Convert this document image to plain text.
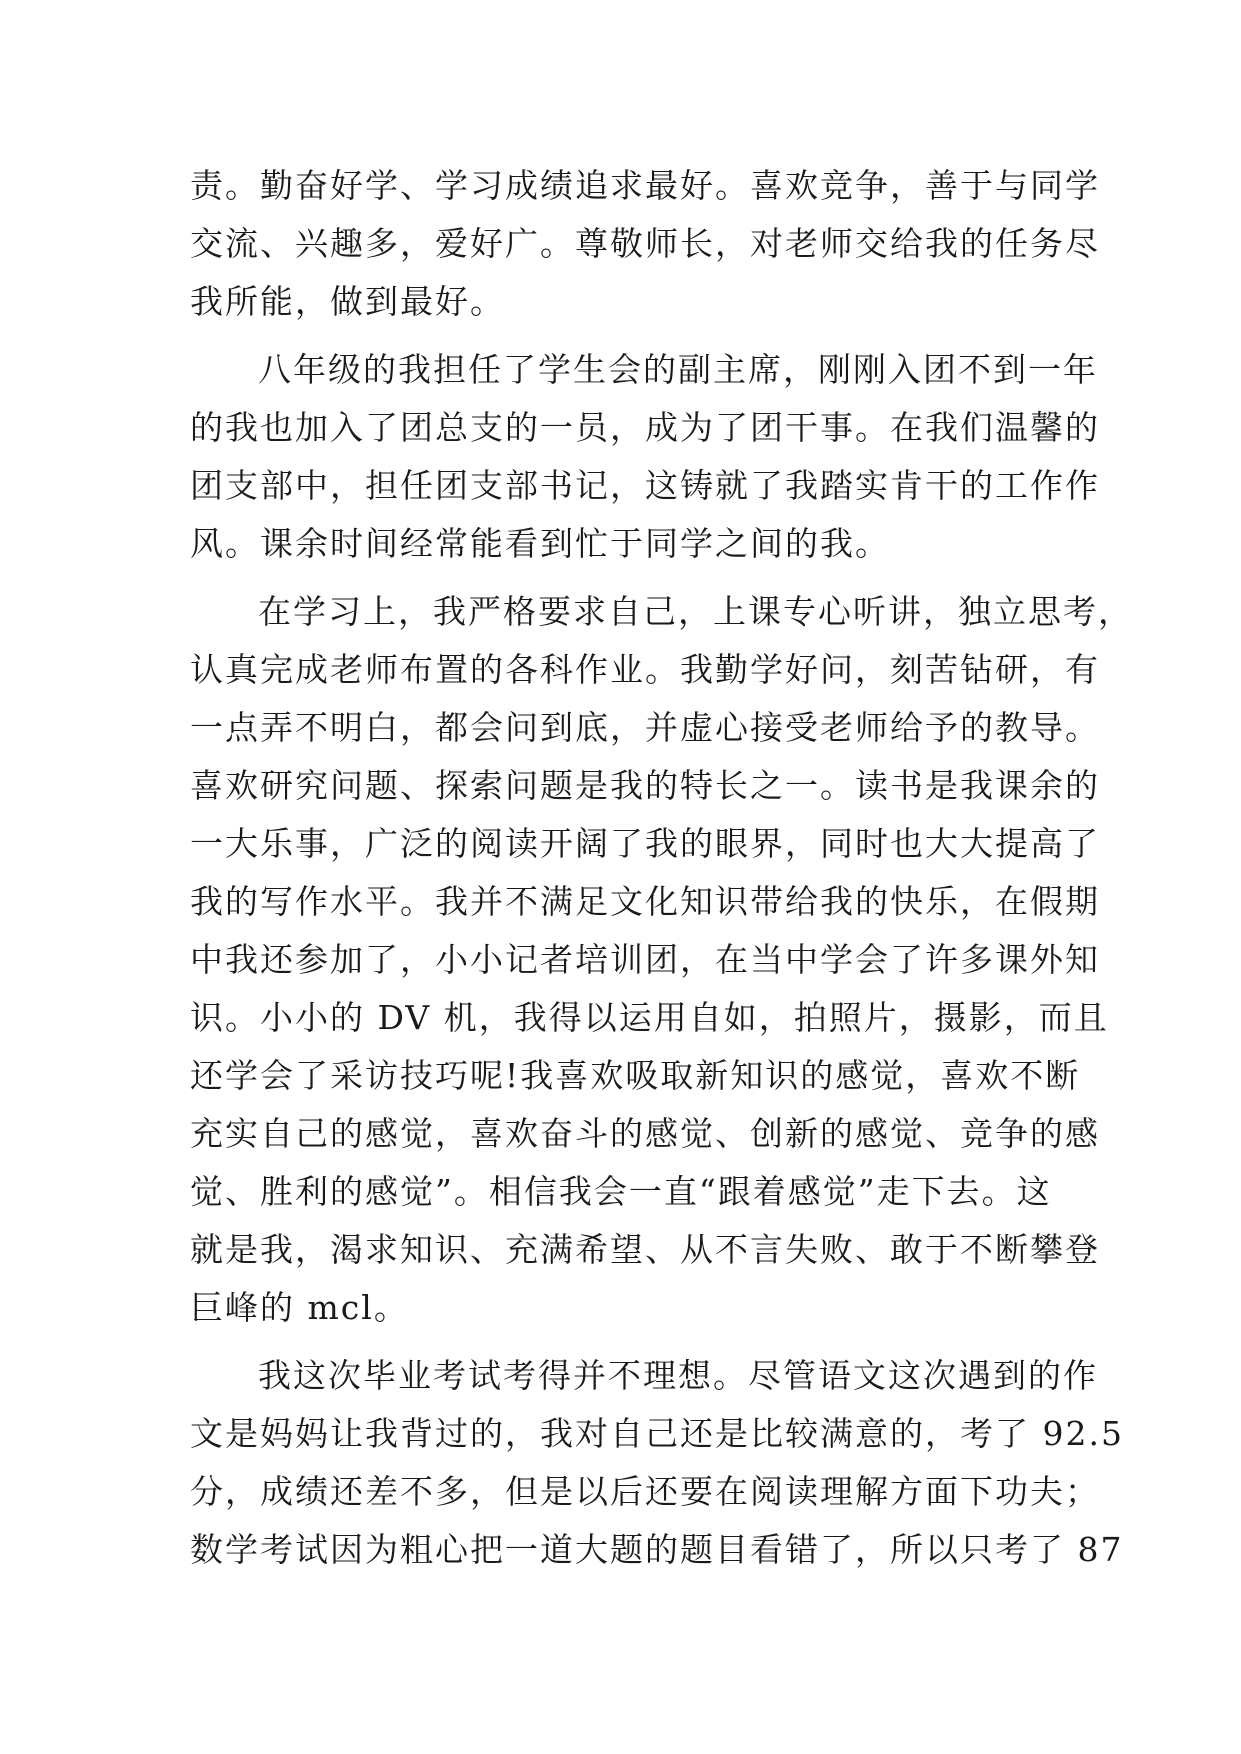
责。勤奋好学、学习成绩追求最好。喜欢竞争，善于与同学
交流、兴趣多，爱好广。尊敬师长，对老师交给我的任务尽
我所能，做到最好。
八年级的我担任了学生会的副主席，刚刚入团不到一年
的我也加入了团总支的一员，成为了团干事。在我们温馨的
团支部中，担任团支部书记，这铸就了我踏实肯干的工作作
风。课余时间经常能看到忙于同学之间的我。
在学习上，我严格要求自己，上课专心听讲，独立思考，
认真完成老师布置的各科作业。我勤学好问，刻苦钻研，有
一点弄不明白，都会问到底，并虚心接受老师给予的教导。
喜欢研究问题、探索问题是我的特长之一。读书是我课余的
一大乐事，广泛的阅读开阔了我的眼界，同时也大大提高了
我的写作水平。我并不满足文化知识带给我的快乐，在假期
中我还参加了，小小记者培训团，在当中学会了许多课外知
识。小小的 DV 机，我得以运用自如，拍照片，摄影，而且
还学会了采访技巧呢!我喜欢吸取新知识的感觉，喜欢不断
充实自己的感觉，喜欢奋斗的感觉、创新的感觉、竞争的感
觉、胜利的感觉”。相信我会一直“跟着感觉”走下去。这
就是我，渴求知识、充满希望、从不言失败、敢于不断攀登
巨峰的 mcl。
我这次毕业考试考得并不理想。尽管语文这次遇到的作
文是妈妈让我背过的，我对自己还是比较满意的，考了 92.5
分，成绩还差不多，但是以后还要在阅读理解方面下功夫；
数学考试因为粗心把一道大题的题目看错了，所以只考了 87
